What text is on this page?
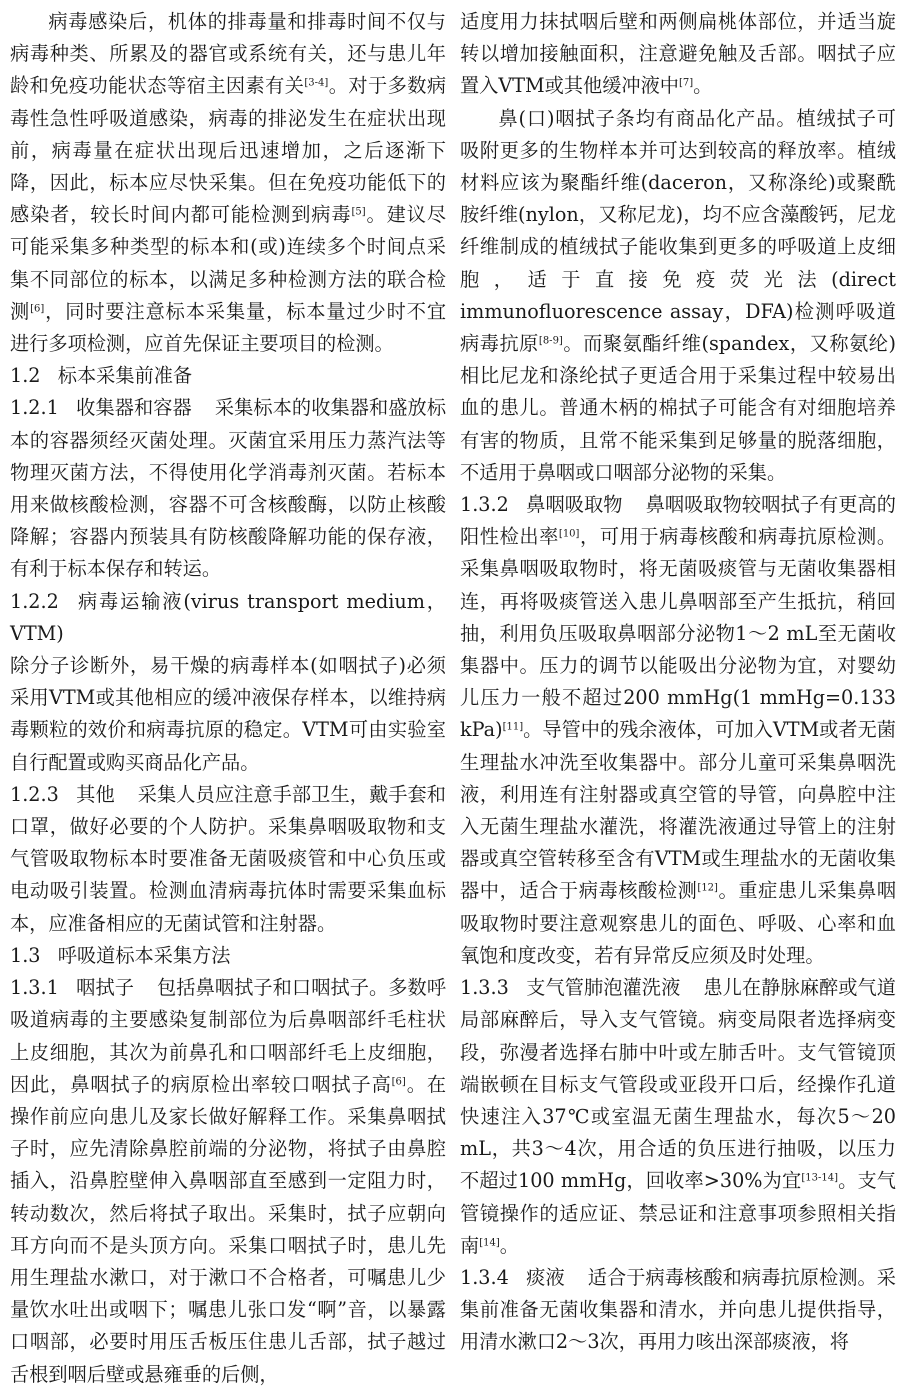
病毒感染后，机体的排毒量和排毒时间不仅与病毒种类、所累及的器官或系统有关，还与患儿年龄和免疫功能状态等宿主因素有关[3-4]。对于多数病毒性急性呼吸道感染，病毒的排泌发生在症状出现前，病毒量在症状出现后迅速增加，之后逐渐下降，因此，标本应尽快采集。但在免疫功能低下的感染者，较长时间内都可能检测到病毒[5]。建议尽可能采集多种类型的标本和(或)连续多个时间点采集不同部位的标本，以满足多种检测方法的联合检测[6]，同时要注意标本采集量，标本量过少时不宜进行多项检测，应首先保证主要项目的检测。

1.2 标本采集前准备

1.2.1 收集器和容器 采集标本的收集器和盛放标本的容器须经灭菌处理。灭菌宜采用压力蒸汽法等物理灭菌方法，不得使用化学消毒剂灭菌。若标本用来做核酸检测，容器不可含核酸酶，以防止核酸降解；容器内预装具有防核酸降解功能的保存液，有利于标本保存和转运。

1.2.2 病毒运输液(virus transport medium，VTM)
除分子诊断外，易干燥的病毒样本(如咽拭子)必须采用VTM或其他相应的缓冲液保存样本，以维持病毒颗粒的效价和病毒抗原的稳定。VTM可由实验室自行配置或购买商品化产品。

1.2.3 其他 采集人员应注意手部卫生，戴手套和口罩，做好必要的个人防护。采集鼻咽吸取物和支气管吸取物标本时要准备无菌吸痰管和中心负压或电动吸引装置。检测血清病毒抗体时需要采集血标本，应准备相应的无菌试管和注射器。

1.3 呼吸道标本采集方法

1.3.1 咽拭子 包括鼻咽拭子和口咽拭子。多数呼吸道病毒的主要感染复制部位为后鼻咽部纤毛柱状上皮细胞，其次为前鼻孔和口咽部纤毛上皮细胞，因此，鼻咽拭子的病原检出率较口咽拭子高[6]。在操作前应向患儿及家长做好解释工作。采集鼻咽拭子时，应先清除鼻腔前端的分泌物，将拭子由鼻腔插入，沿鼻腔壁伸入鼻咽部直至感到一定阻力时，转动数次，然后将拭子取出。采集时，拭子应朝向耳方向而不是头顶方向。采集口咽拭子时，患儿先用生理盐水漱口，对于漱口不合格者，可嘱患儿少量饮水吐出或咽下；嘱患儿张口发“啊”音，以暴露口咽部，必要时用压舌板压住患儿舌部，拭子越过舌根到咽后壁或悬雍垂的后侧，

适度用力抹拭咽后壁和两侧扁桃体部位，并适当旋转以增加接触面积，注意避免触及舌部。咽拭子应置入VTM或其他缓冲液中[7]。

鼻(口)咽拭子条均有商品化产品。植绒拭子可吸附更多的生物样本并可达到较高的释放率。植绒材料应该为聚酯纤维(daceron，又称涤纶)或聚酰胺纤维(nylon，又称尼龙)，均不应含藻酸钙，尼龙纤维制成的植绒拭子能收集到更多的呼吸道上皮细胞，适于直接免疫荧光法(direct immunofluorescence assay，DFA)检测呼吸道病毒抗原[8-9]。而聚氨酯纤维(spandex，又称氨纶)相比尼龙和涤纶拭子更适合用于采集过程中较易出血的患儿。普通木柄的棉拭子可能含有对细胞培养有害的物质，且常不能采集到足够量的脱落细胞，不适用于鼻咽或口咽部分泌物的采集。

1.3.2 鼻咽吸取物 鼻咽吸取物较咽拭子有更高的阳性检出率[10]，可用于病毒核酸和病毒抗原检测。采集鼻咽吸取物时，将无菌吸痰管与无菌收集器相连，再将吸痰管送入患儿鼻咽部至产生抵抗，稍回抽，利用负压吸取鼻咽部分泌物1～2 mL至无菌收集器中。压力的调节以能吸出分泌物为宜，对婴幼儿压力一般不超过200 mmHg(1 mmHg=0.133 kPa)[11]。导管中的残余液体，可加入VTM或者无菌生理盐水冲洗至收集器中。部分儿童可采集鼻咽洗液，利用连有注射器或真空管的导管，向鼻腔中注入无菌生理盐水灌洗，将灌洗液通过导管上的注射器或真空管转移至含有VTM或生理盐水的无菌收集器中，适合于病毒核酸检测[12]。重症患儿采集鼻咽吸取物时要注意观察患儿的面色、呼吸、心率和血氧饱和度改变，若有异常反应须及时处理。

1.3.3 支气管肺泡灌洗液 患儿在静脉麻醉或气道局部麻醉后，导入支气管镜。病变局限者选择病变段，弥漫者选择右肺中叶或左肺舌叶。支气管镜顶端嵌顿在目标支气管段或亚段开口后，经操作孔道快速注入37℃或室温无菌生理盐水，每次5～20 mL，共3～4次，用合适的负压进行抽吸，以压力不超过100 mmHg，回收率>30%为宜[13-14]。支气管镜操作的适应证、禁忌证和注意事项参照相关指南[14]。

1.3.4 痰液 适合于病毒核酸和病毒抗原检测。采集前准备无菌收集器和清水，并向患儿提供指导，用清水漱口2～3次，再用力咳出深部痰液，将
